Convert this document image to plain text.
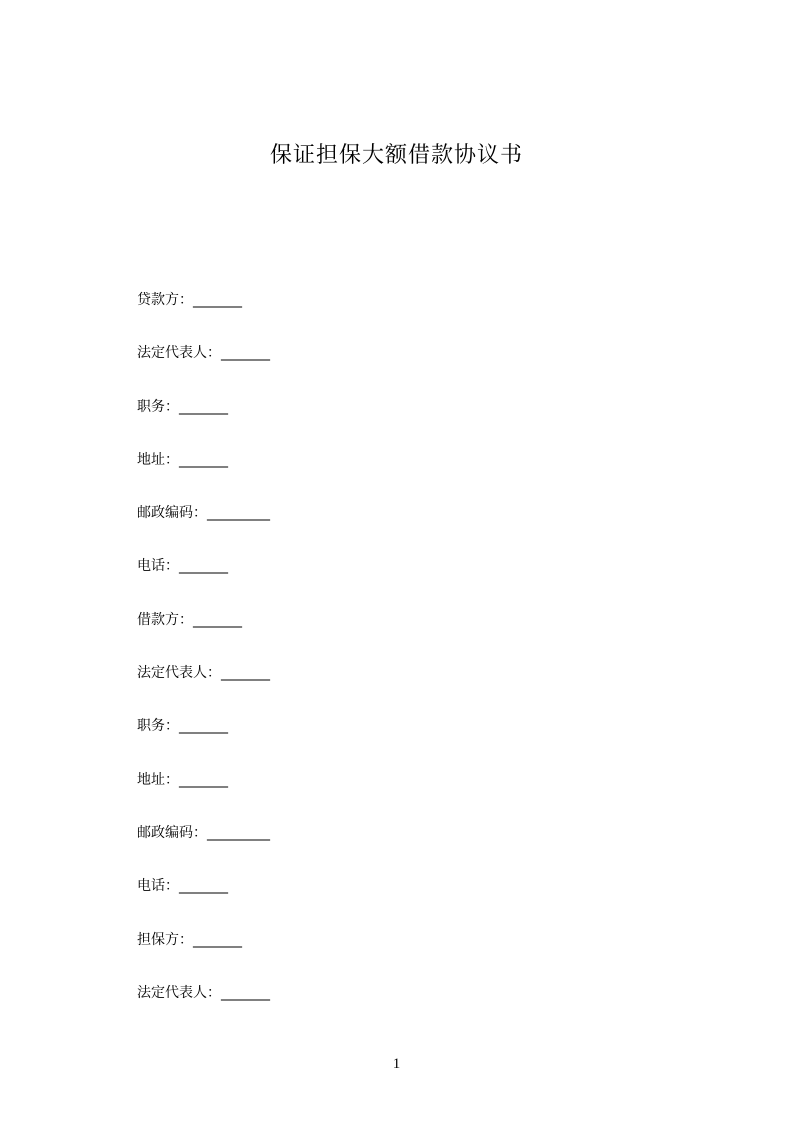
保证担保大额借款协议书
贷款方：_______
法定代表人：_______
职务：_______
地址：_______
邮政编码：_________
电话：_______
借款方：_______
法定代表人：_______
职务：_______
地址：_______
邮政编码：_________
电话：_______
担保方：_______
法定代表人：_______
1
